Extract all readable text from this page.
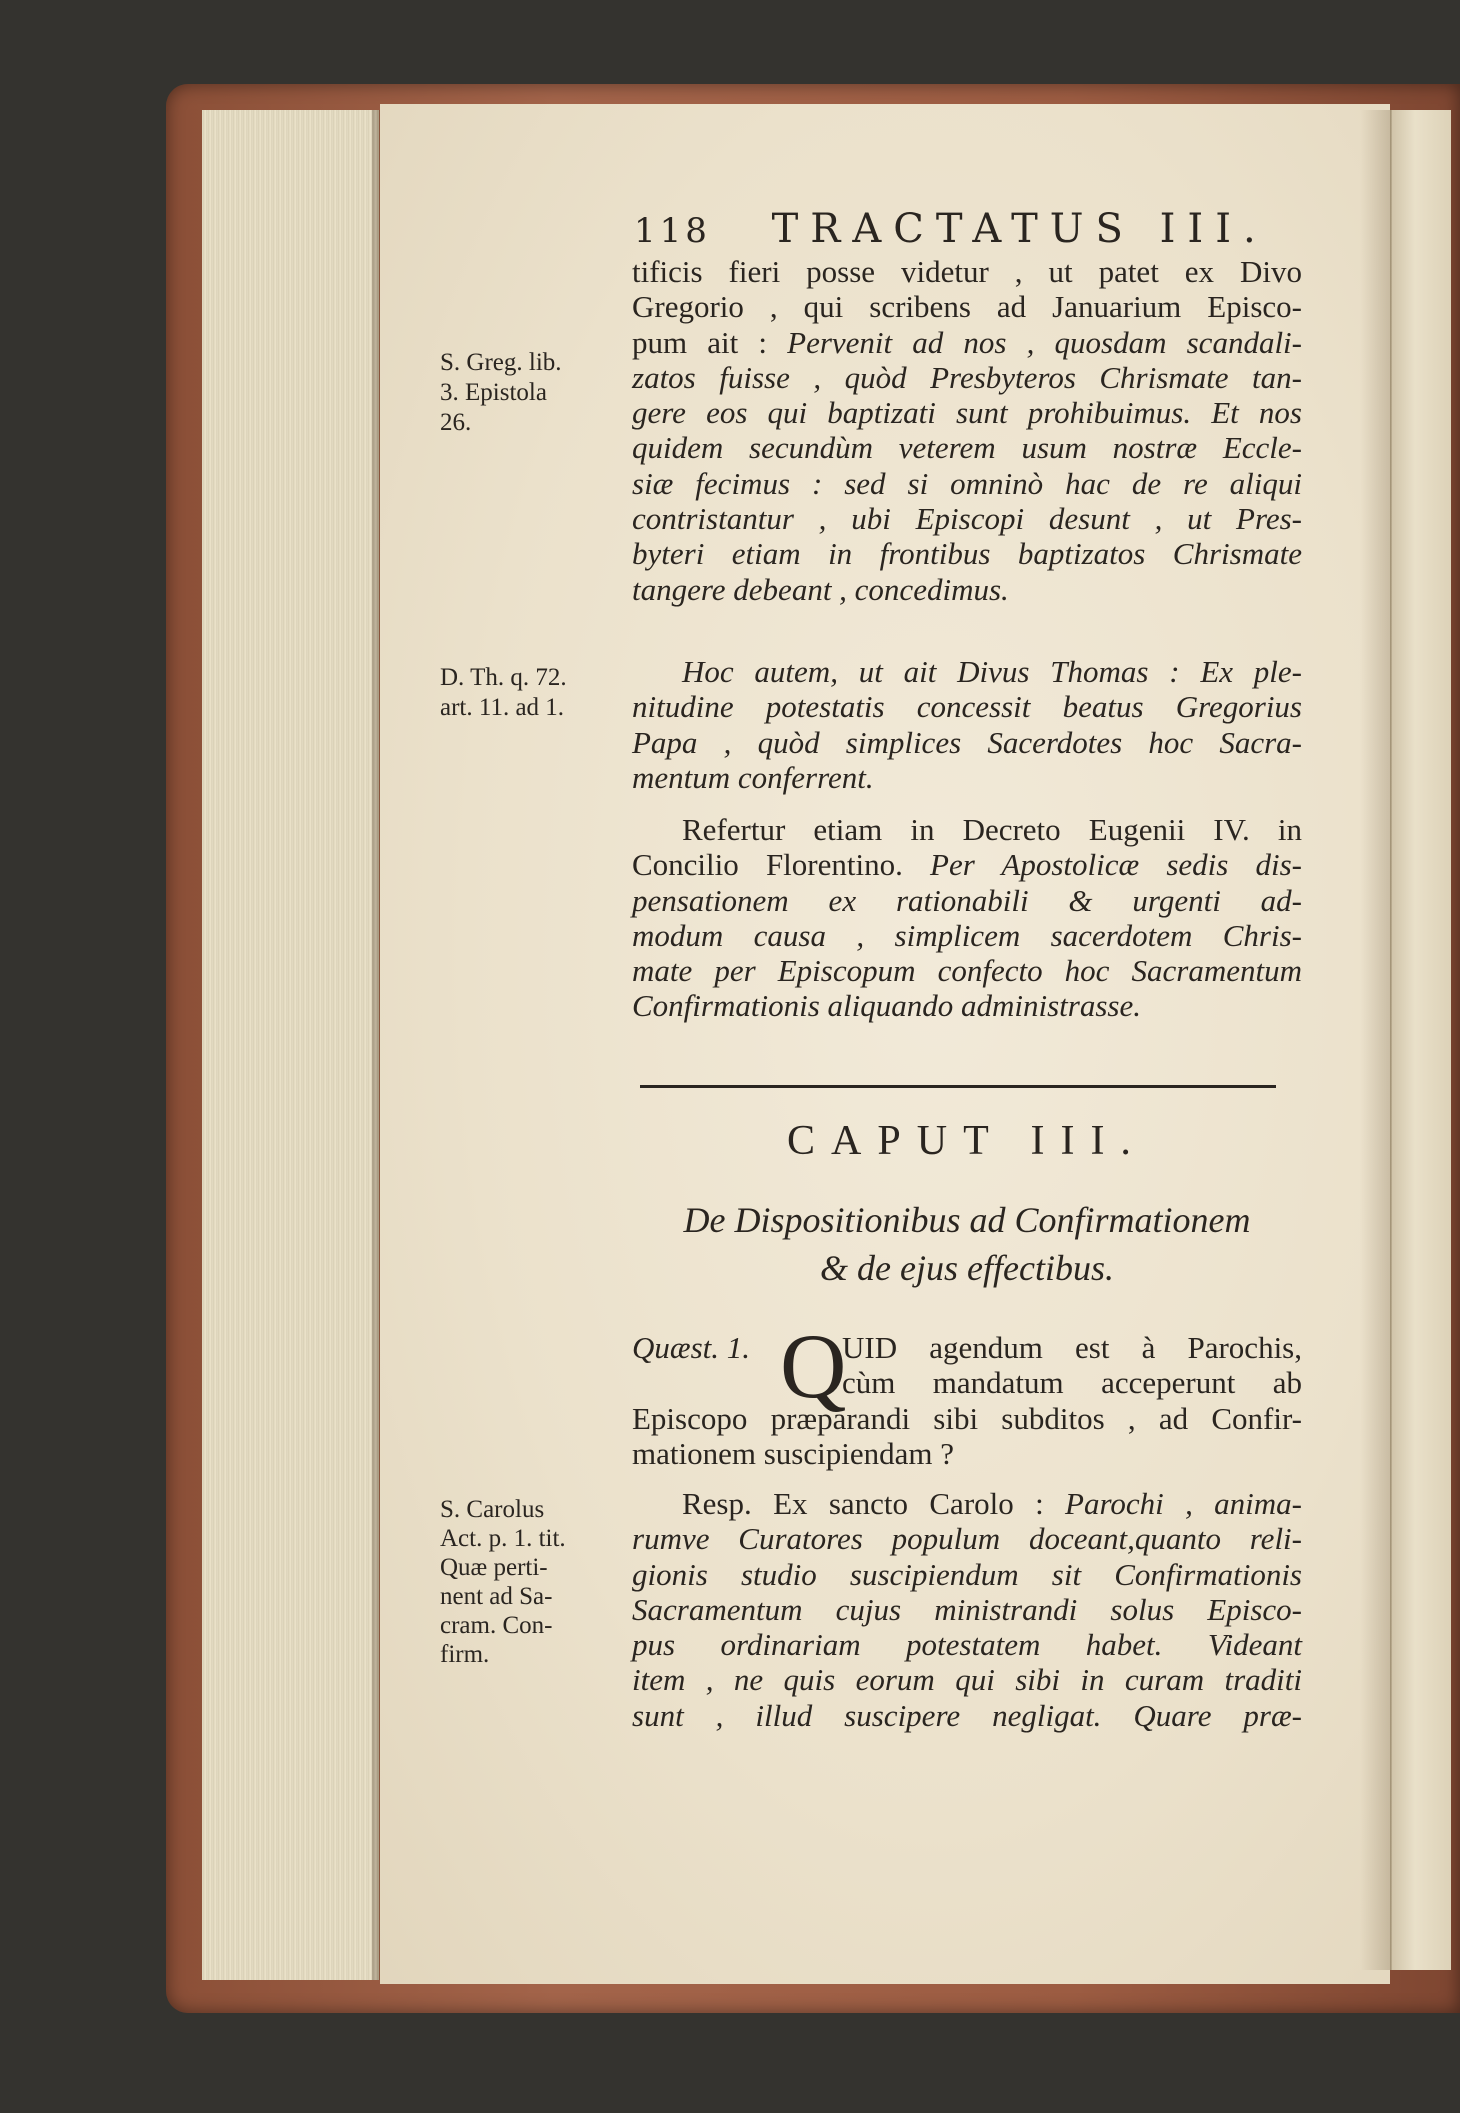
118 TRACTATUS III.
S. Greg. lib.
3. Epistola
26.
D. Th. q. 72.
art. 11. ad 1.
S. Carolus
Act. p. 1. tit.
Quæ perti-
nent ad Sa-
cram. Con-
firm.
tificis fieri posse videtur , ut patet ex Divo
Gregorio , qui scribens ad Januarium Episco-
pum ait : Pervenit ad nos , quosdam scandali-
zatos fuisse , quòd Presbyteros Chrismate tan-
gere eos qui baptizati sunt prohibuimus. Et nos
quidem secundùm veterem usum nostræ Eccle-
siæ fecimus : sed si omninò hac de re aliqui
contristantur , ubi Episcopi desunt , ut Pres-
byteri etiam in frontibus baptizatos Chrismate
tangere debeant , concedimus.
Hoc autem, ut ait Divus Thomas : Ex ple-
nitudine potestatis concessit beatus Gregorius
Papa , quòd simplices Sacerdotes hoc Sacra-
mentum conferrent.
Refertur etiam in Decreto Eugenii IV. in
Concilio Florentino. Per Apostolicæ sedis dis-
pensationem ex rationabili & urgenti ad-
modum causa , simplicem sacerdotem Chris-
mate per Episcopum confecto hoc Sacramentum
Confirmationis aliquando administrasse.
CAPUT III.
De Dispositionibus ad Confirmationem
& de ejus effectibus.
Quæst. 1. Q
UID agendum est à Parochis,
cùm mandatum acceperunt ab
Episcopo præparandi sibi subditos , ad Confir-
mationem suscipiendam ?
Resp. Ex sancto Carolo : Parochi , anima-
rumve Curatores populum doceant,quanto reli-
gionis studio suscipiendum sit Confirmationis
Sacramentum cujus ministrandi solus Episco-
pus ordinariam potestatem habet. Videant
item , ne quis eorum qui sibi in curam traditi
sunt , illud suscipere negligat. Quare præ-
